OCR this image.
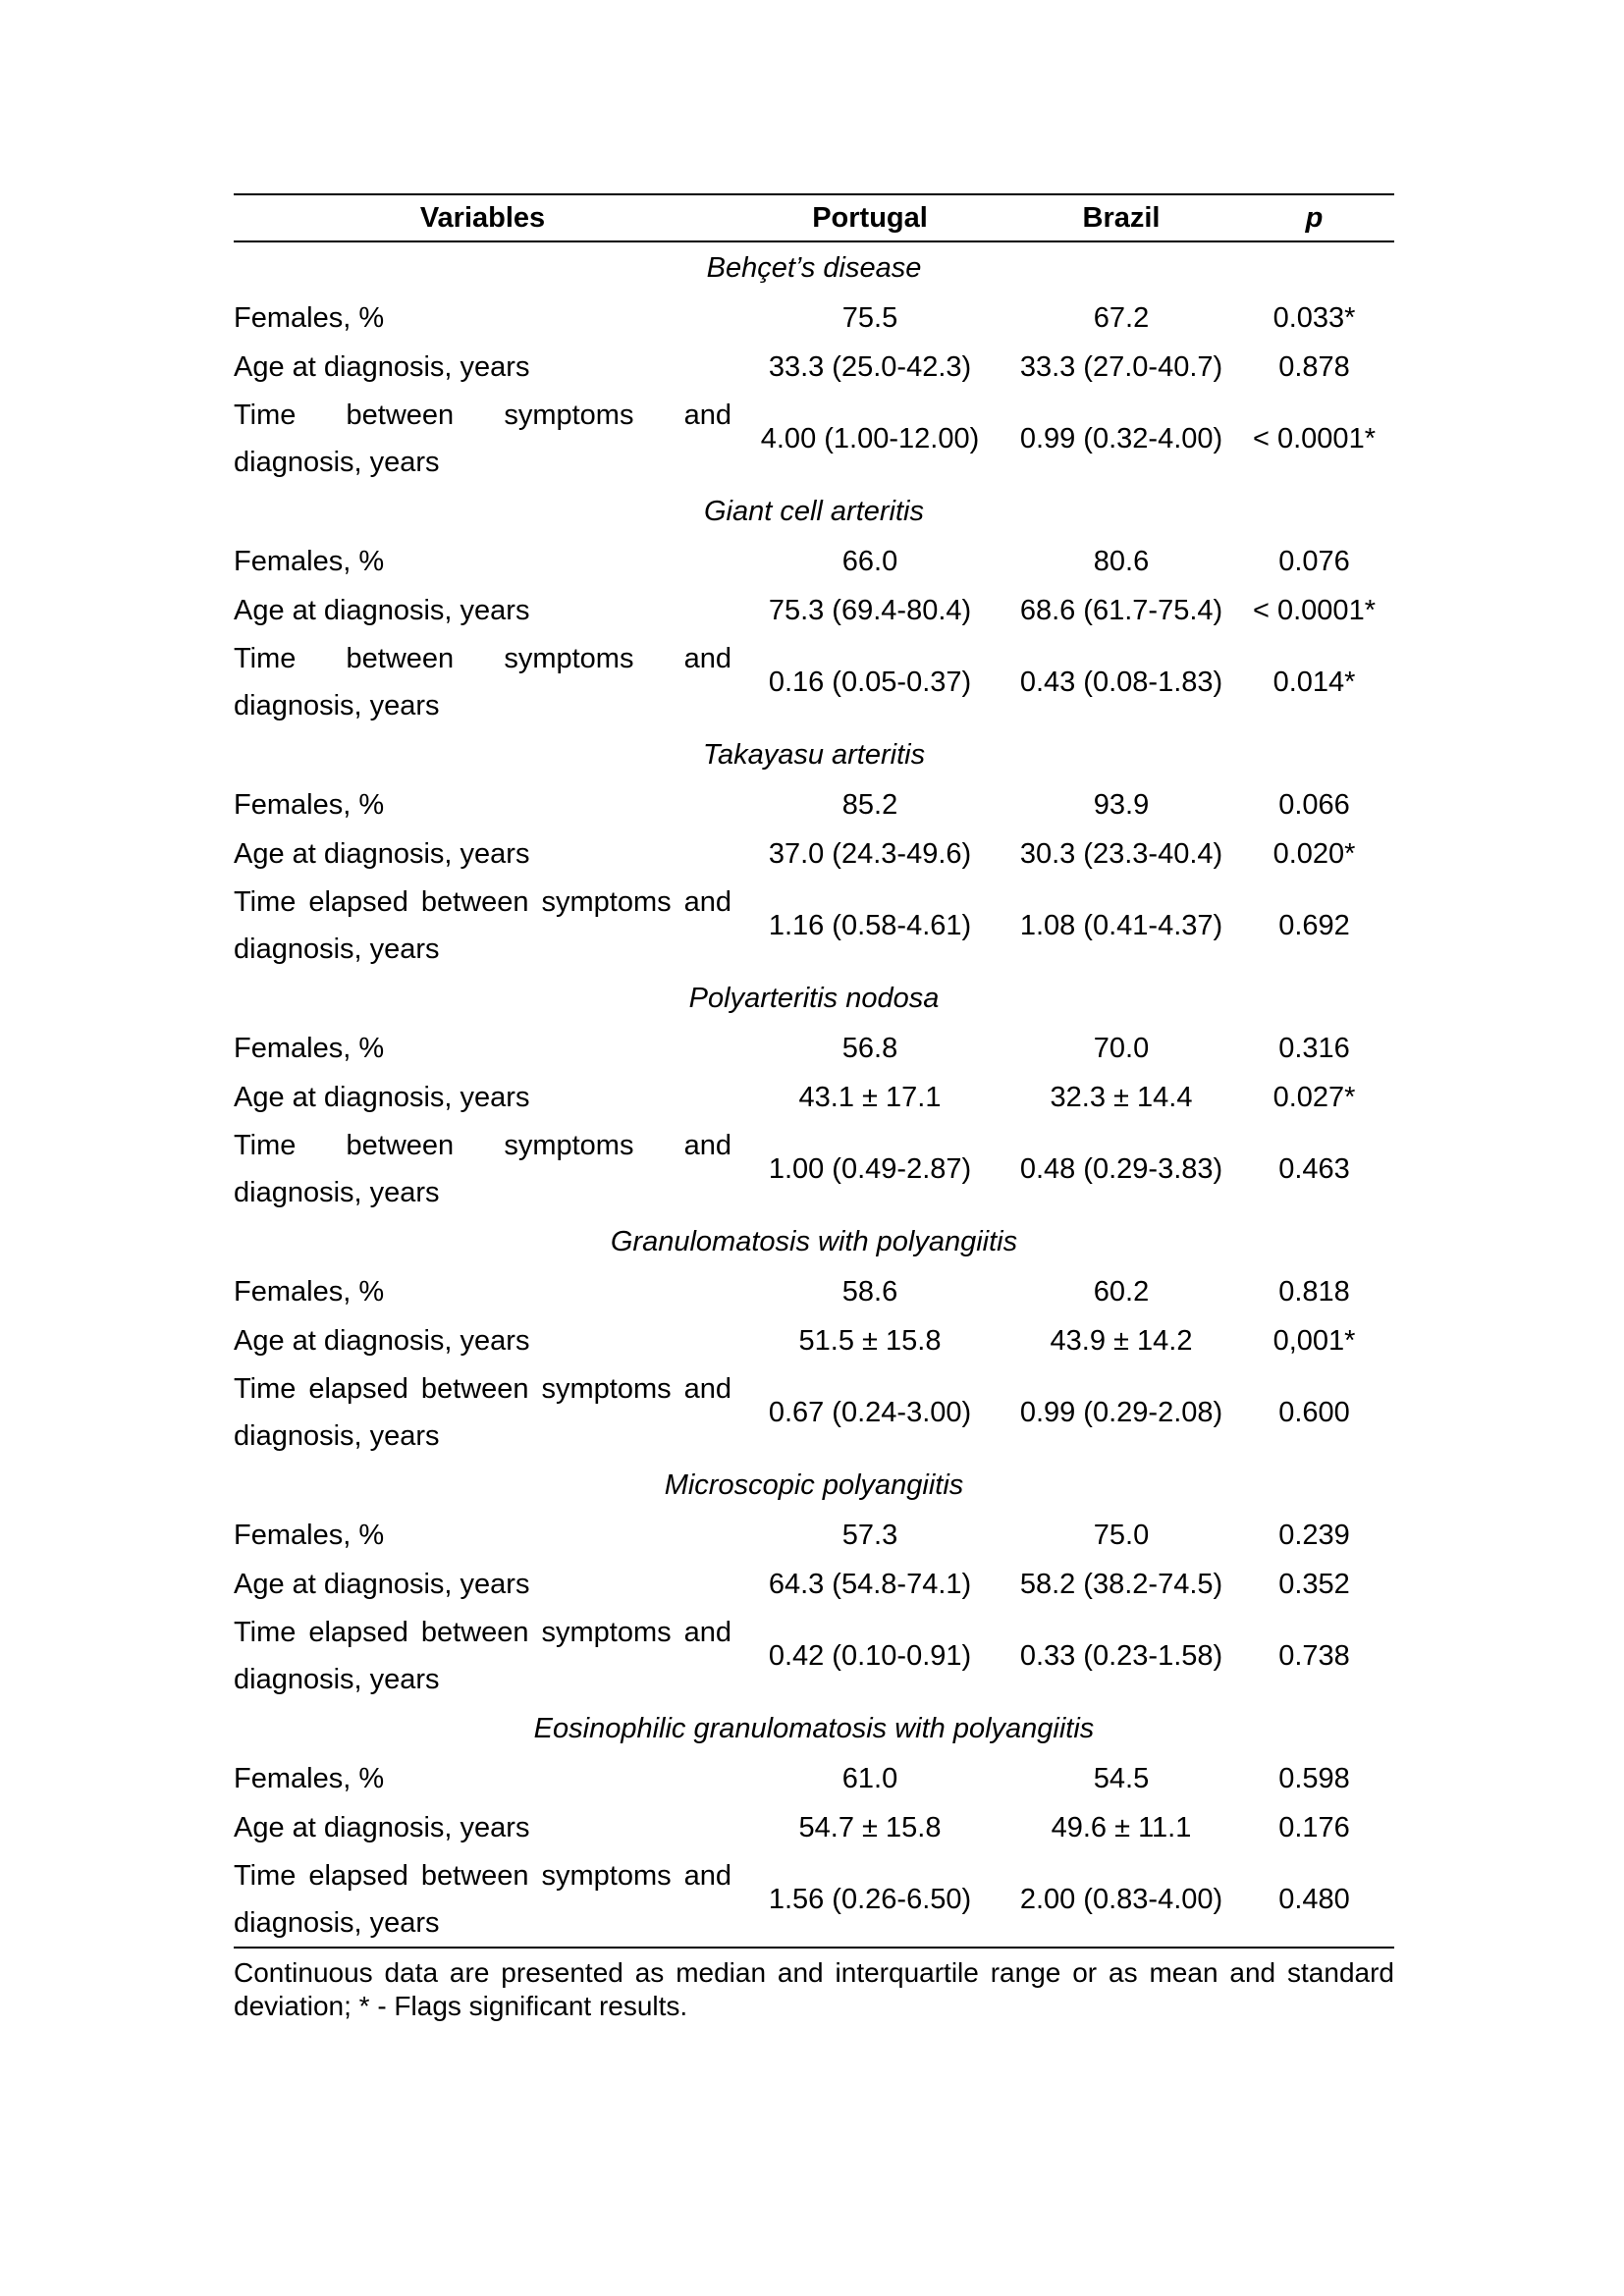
Variables	Portugal	Brazil	p
Behçet’s disease			
Females, %	75.5	67.2	0.033*
Age at diagnosis, years	33.3 (25.0-42.3)	33.3 (27.0-40.7)	0.878

Time between symptoms and
diagnosis, years	4.00 (1.00-12.00)	0.99 (0.32-4.00)	< 0.0001*
Giant cell arteritis			
Females, %	66.0	80.6	0.076
Age at diagnosis, years	75.3 (69.4-80.4)	68.6 (61.7-75.4)	< 0.0001*

Time between symptoms and
diagnosis, years	0.16 (0.05-0.37)	0.43 (0.08-1.83)	0.014*
Takayasu arteritis			
Females, %	85.2	93.9	0.066
Age at diagnosis, years	37.0 (24.3-49.6)	30.3 (23.3-40.4)	0.020*

Time elapsed between symptoms and
diagnosis, years	1.16 (0.58-4.61)	1.08 (0.41-4.37)	0.692
Polyarteritis nodosa			
Females, %	56.8	70.0	0.316
Age at diagnosis, years	43.1 ± 17.1	32.3 ± 14.4	0.027*

Time between symptoms and
diagnosis, years	1.00 (0.49-2.87)	0.48 (0.29-3.83)	0.463
Granulomatosis with polyangiitis			
Females, %	58.6	60.2	0.818
Age at diagnosis, years	51.5 ± 15.8	43.9 ± 14.2	0,001*

Time elapsed between symptoms and
diagnosis, years	0.67 (0.24-3.00)	0.99 (0.29-2.08)	0.600
Microscopic polyangiitis			
Females, %	57.3	75.0	0.239
Age at diagnosis, years	64.3 (54.8-74.1)	58.2 (38.2-74.5)	0.352

Time elapsed between symptoms and
diagnosis, years	0.42 (0.10-0.91)	0.33 (0.23-1.58)	0.738
Eosinophilic granulomatosis with polyangiitis			
Females, %	61.0	54.5	0.598
Age at diagnosis, years	54.7 ± 15.8	49.6 ± 11.1	0.176

Time elapsed between symptoms and
diagnosis, years	1.56 (0.26-6.50)	2.00 (0.83-4.00)	0.480
Continuous data are presented as median and interquartile range or as mean and standard
deviation; * - Flags significant results.
